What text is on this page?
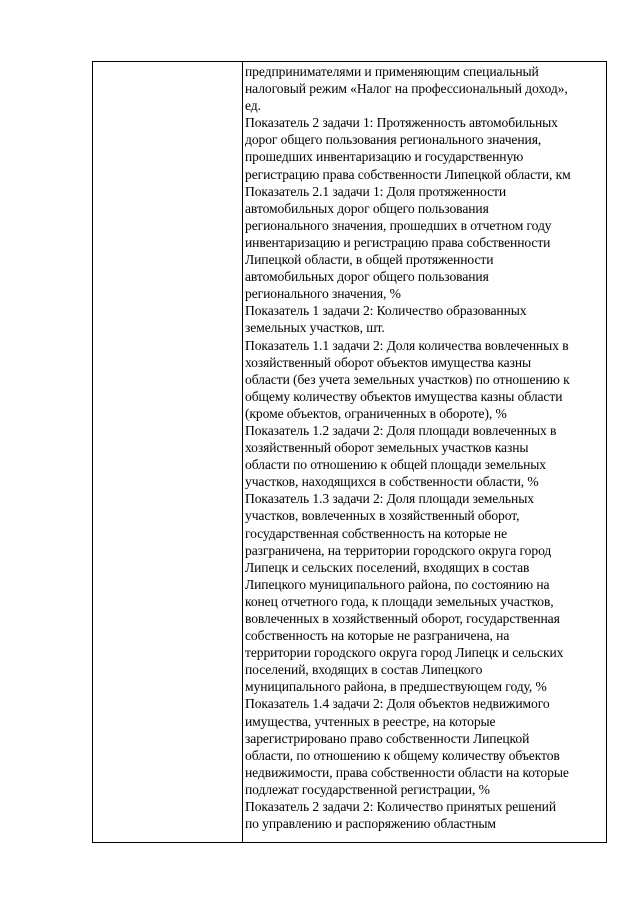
предпринимателями и применяющим специальный
налоговый режим «Налог на профессиональный доход»,
ед.
Показатель 2 задачи 1: Протяженность автомобильных
дорог общего пользования регионального значения,
прошедших инвентаризацию и государственную
регистрацию права собственности Липецкой области, км
Показатель 2.1 задачи 1: Доля протяженности
автомобильных дорог общего пользования
регионального значения, прошедших в отчетном году
инвентаризацию и регистрацию права собственности
Липецкой области, в общей протяженности
автомобильных дорог общего пользования
регионального значения, %
Показатель 1 задачи 2: Количество образованных
земельных участков, шт.
Показатель 1.1 задачи 2: Доля количества вовлеченных в
хозяйственный оборот объектов имущества казны
области (без учета земельных участков) по отношению к
общему количеству объектов имущества казны области
(кроме объектов, ограниченных в обороте), %
Показатель 1.2 задачи 2: Доля площади вовлеченных в
хозяйственный оборот земельных участков казны
области по отношению к общей площади земельных
участков, находящихся в собственности области, %
Показатель 1.3 задачи 2: Доля площади земельных
участков, вовлеченных в хозяйственный оборот,
государственная собственность на которые не
разграничена, на территории городского округа город
Липецк и сельских поселений, входящих в состав
Липецкого муниципального района, по состоянию на
конец отчетного года, к площади земельных участков,
вовлеченных в хозяйственный оборот, государственная
собственность на которые не разграничена, на
территории городского округа город Липецк и сельских
поселений, входящих в состав Липецкого
муниципального района, в предшествующем году, %
Показатель 1.4 задачи 2: Доля объектов недвижимого
имущества, учтенных в реестре, на которые
зарегистрировано право собственности Липецкой
области, по отношению к общему количеству объектов
недвижимости, права собственности области на которые
подлежат государственной регистрации, %
Показатель 2 задачи 2: Количество принятых решений
по управлению и распоряжению областным
